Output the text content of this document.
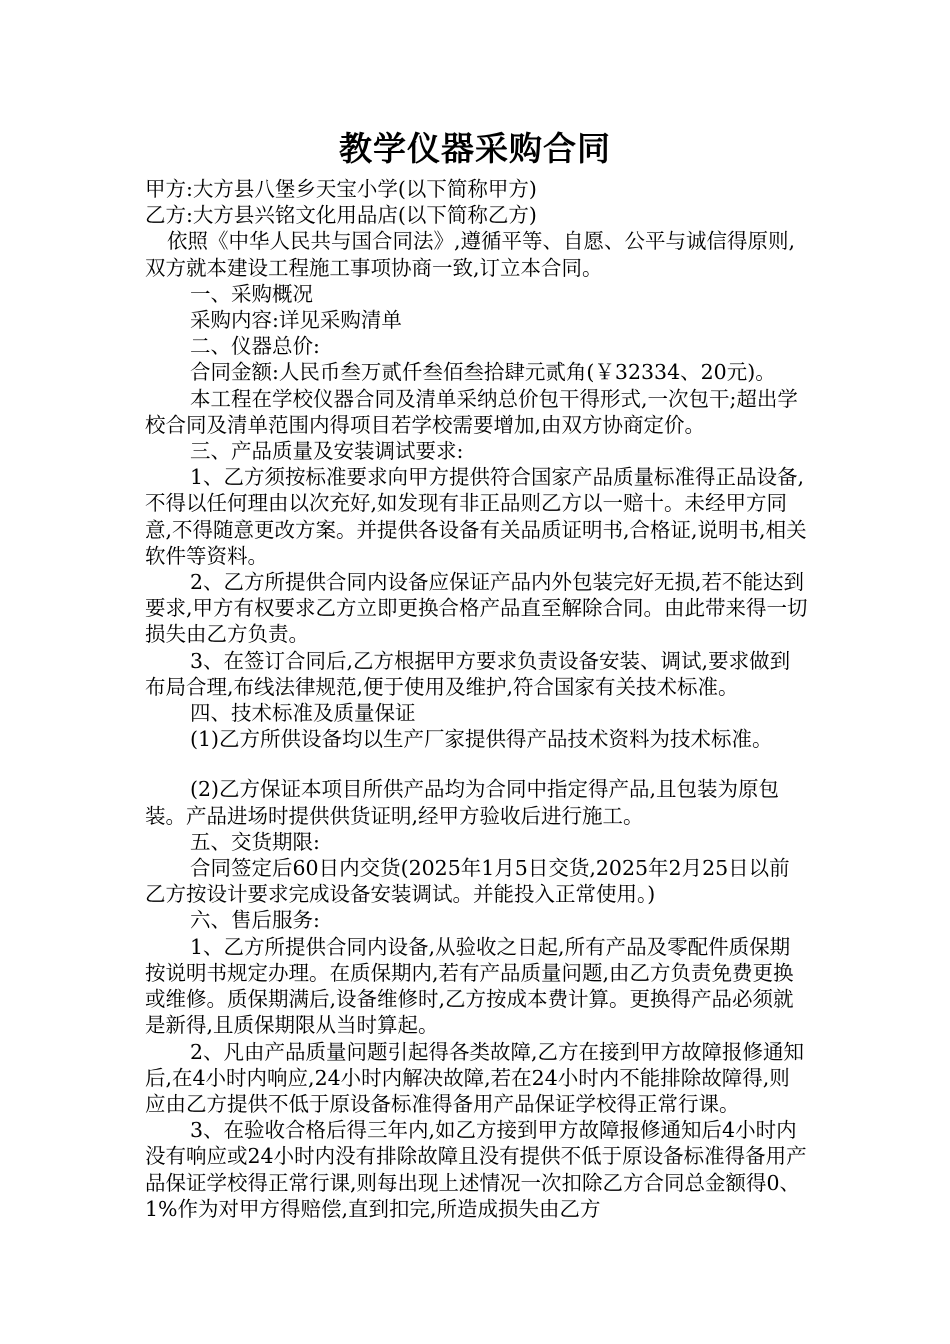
教学仪器采购合同

甲方:大方县八堡乡天宝小学(以下简称甲方)

乙方:大方县兴铭文化用品店(以下简称乙方)

依照《中华人民共与国合同法》,遵循平等、自愿、公平与诚信得原则,双方就本建设工程施工事项协商一致,订立本合同。

一、采购概况

采购内容:详见采购清单

二、仪器总价:

合同金额:人民币叁万贰仟叁佰叁拾肆元贰角(￥32334、20元)。

本工程在学校仪器合同及清单采纳总价包干得形式,一次包干;超出学校合同及清单范围内得项目若学校需要增加,由双方协商定价。

三、产品质量及安装调试要求:

1、乙方须按标准要求向甲方提供符合国家产品质量标准得正品设备,不得以任何理由以次充好,如发现有非正品则乙方以一赔十。未经甲方同意,不得随意更改方案。并提供各设备有关品质证明书,合格证,说明书,相关软件等资料。

2、乙方所提供合同内设备应保证产品内外包装完好无损,若不能达到要求,甲方有权要求乙方立即更换合格产品直至解除合同。由此带来得一切损失由乙方负责。

3、在签订合同后,乙方根据甲方要求负责设备安装、调试,要求做到布局合理,布线法律规范,便于使用及维护,符合国家有关技术标准。

四、技术标准及质量保证

(1)乙方所供设备均以生产厂家提供得产品技术资料为技术标准。

(2)乙方保证本项目所供产品均为合同中指定得产品,且包装为原包装。产品进场时提供供货证明,经甲方验收后进行施工。

五、交货期限:

合同签定后60日内交货(2025年1月5日交货,2025年2月25日以前乙方按设计要求完成设备安装调试。并能投入正常使用。)

六、售后服务:

1、乙方所提供合同内设备,从验收之日起,所有产品及零配件质保期按说明书规定办理。在质保期内,若有产品质量问题,由乙方负责免费更换或维修。质保期满后,设备维修时,乙方按成本费计算。更换得产品必须就是新得,且质保期限从当时算起。

2、凡由产品质量问题引起得各类故障,乙方在接到甲方故障报修通知后,在4小时内响应,24小时内解决故障,若在24小时内不能排除故障得,则应由乙方提供不低于原设备标准得备用产品保证学校得正常行课。

3、在验收合格后得三年内,如乙方接到甲方故障报修通知后4小时内没有响应或24小时内没有排除故障且没有提供不低于原设备标准得备用产品保证学校得正常行课,则每出现上述情况一次扣除乙方合同总金额得0、1%作为对甲方得赔偿,直到扣完,所造成损失由乙方
